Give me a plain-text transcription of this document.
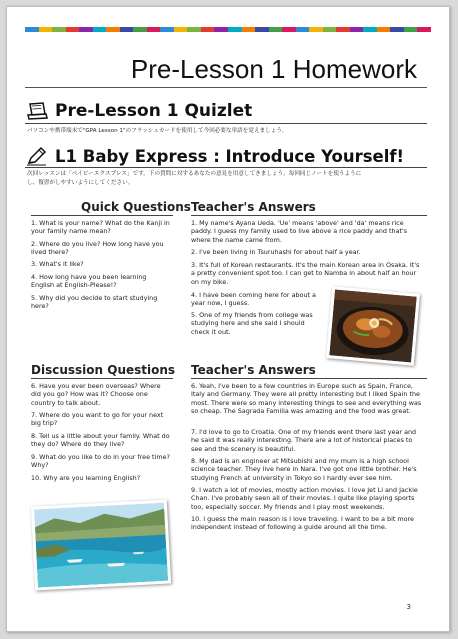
Pre-Lesson 1 Homework
Pre-Lesson 1 Quizlet
パソコンや携帯端末で"GPA Lesson 1"のフラッシュカードを使用して今回必要な単語を覚えましょう。
L1 Baby Express : Introduce Yourself!
次回レッスンは「ベイビーエクスプレス」です。下の質問に対するあなたの意見を用意してきましょう。毎回同じノートを使うように
し、復習がしやすいようにしてください。
Quick Questions Teacher's Answers
1. What is your name? What do the Kanji in your family name mean?
2. Where do you live? How long have you lived there?
3. What's it like?
4. How long have you been learning English at English-Please!?
5. Why did you decide to start studying here?
1. My name's Ayana Ueda. 'Ue' means 'above' and 'da' means rice paddy. I guess my family used to live above a rice paddy and that's where the name came from.
2. I've been living in Tsuruhashi for about half a year.
3. It's full of Korean restaurants. It's the main Korean area in Osaka. It's a pretty convenient spot too. I can get to Namba in about half an hour on my bike.
4. I have been coming here for about a year now, I guess.
5. One of my friends from college was studying here and she said I should check it out.
Discussion Questions Teacher's Answers
6. Have you ever been overseas? Where did you go? How was it? Choose one country to talk about.
7. Where do you want to go for your next big trip?
8. Tell us a little about your family. What do they do? Where do they live?
9. What do you like to do in your free time? Why?
10. Why are you learning English?
6. Yeah, I've been to a few countries in Europe such as Spain, France, Italy and Germany. They were all pretty interesting but I liked Spain the most. There were so many interesting things to see and everything was so cheap. The Sagrada Familia was amazing and the food was great.
7. I'd love to go to Croatia. One of my friends went there last year and he said it was really interesting. There are a lot of historical places to see and the scenery is beautiful.
8. My dad is an engineer at Mitsubishi and my mum is a high school science teacher. They live here in Nara. I've got one little brother. He's studying French at university in Tokyo so I hardly ever see him.
9. I watch a lot of movies, mostly action movies. I love Jet Li and Jackie Chan. I've probably seen all of their movies. I quite like playing sports too, especially soccer. My friends and I play most weekends.
10. I guess the main reason is I love traveling. I want to be a bit more independent instead of following a guide around all the time.
3
